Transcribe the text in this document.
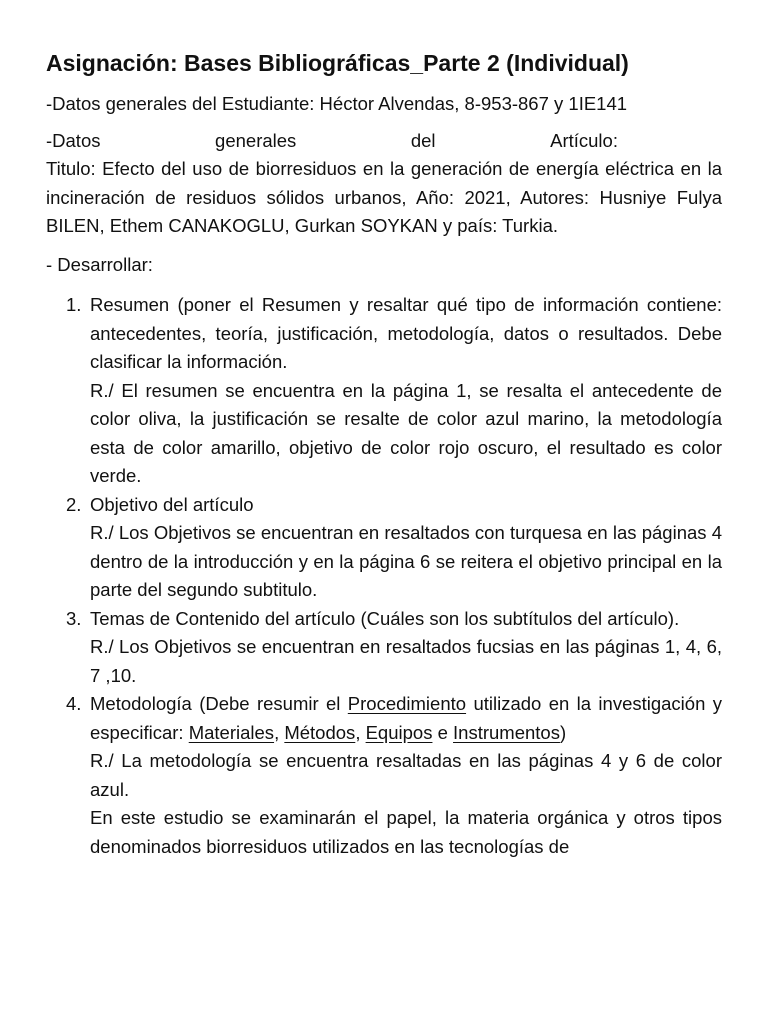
Asignación: Bases Bibliográficas_Parte 2 (Individual)

-Datos generales del Estudiante: Héctor Alvendas, 8-953-867 y 1IE141

-Datos	generales	del	Artículo:

Titulo: Efecto del uso de biorresiduos en la generación de energía eléctrica en la incineración de residuos sólidos urbanos, Año: 2021, Autores: Husniye Fulya BILEN, Ethem CANAKOGLU, Gurkan SOYKAN y país: Turkia.

- Desarrollar:

1. Resumen (poner el Resumen y resaltar qué tipo de información contiene: antecedentes, teoría, justificación, metodología, datos o resultados. Debe clasificar la información.
R./ El resumen se encuentra en la página 1, se resalta el antecedente de color oliva, la justificación se resalte de color azul marino, la metodología esta de color amarillo, objetivo de color rojo oscuro, el resultado es color verde.
2. Objetivo del artículo
R./ Los Objetivos se encuentran en resaltados con turquesa en las páginas 4 dentro de la introducción y en la página 6 se reitera el objetivo principal en la parte del segundo subtitulo.
3. Temas de Contenido del artículo (Cuáles son los subtítulos del artículo).
R./ Los Objetivos se encuentran en resaltados fucsias en las páginas 1, 4, 6, 7 ,10.
4. Metodología (Debe resumir el Procedimiento utilizado en la investigación y especificar: Materiales, Métodos, Equipos e Instrumentos)
R./ La metodología se encuentra resaltadas en las páginas 4 y 6 de color azul.
En este estudio se examinarán el papel, la materia orgánica y otros tipos denominados biorresiduos utilizados en las tecnologías de
